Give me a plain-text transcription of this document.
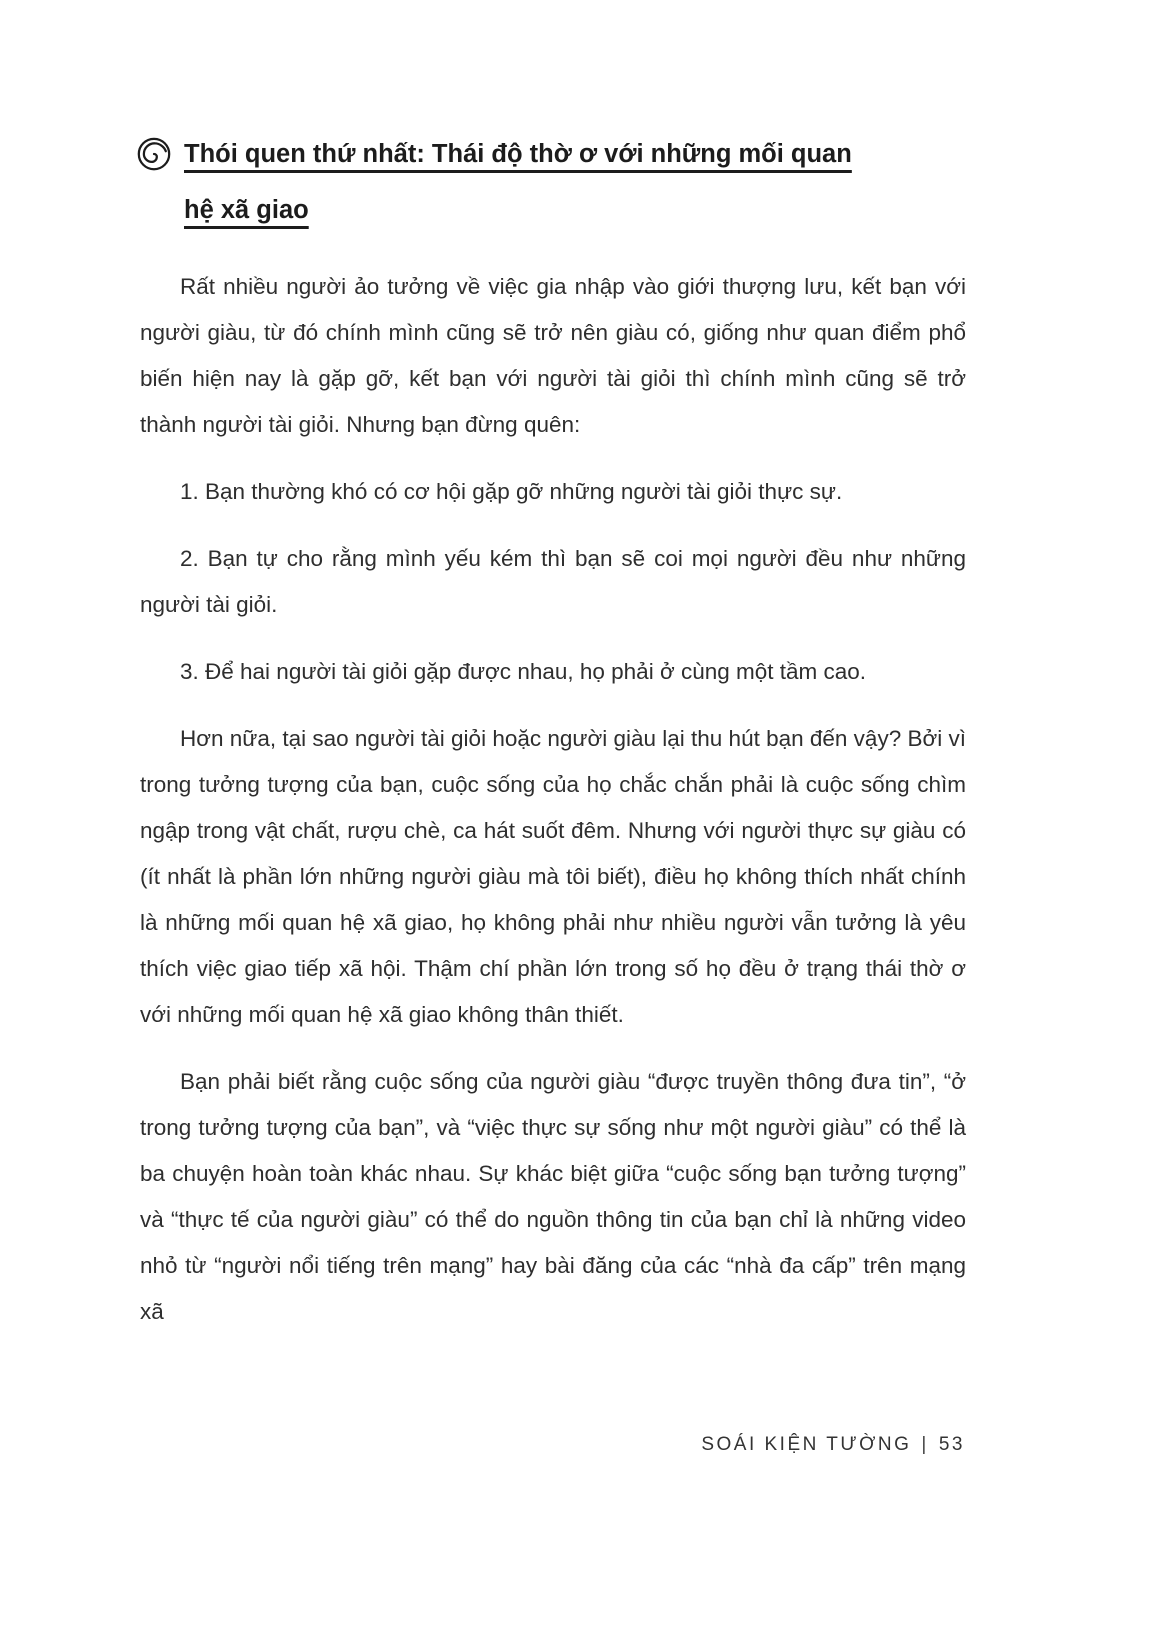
Thói quen thứ nhất: Thái độ thờ ơ với những mối quan
hệ xã giao

Rất nhiều người ảo tưởng về việc gia nhập vào giới thượng lưu, kết bạn với người giàu, từ đó chính mình cũng sẽ trở nên giàu có, giống như quan điểm phổ biến hiện nay là gặp gỡ, kết bạn với người tài giỏi thì chính mình cũng sẽ trở thành người tài giỏi. Nhưng bạn đừng quên:

1. Bạn thường khó có cơ hội gặp gỡ những người tài giỏi thực sự.

2. Bạn tự cho rằng mình yếu kém thì bạn sẽ coi mọi người đều như những người tài giỏi.

3. Để hai người tài giỏi gặp được nhau, họ phải ở cùng một tầm cao.

Hơn nữa, tại sao người tài giỏi hoặc người giàu lại thu hút bạn đến vậy? Bởi vì trong tưởng tượng của bạn, cuộc sống của họ chắc chắn phải là cuộc sống chìm ngập trong vật chất, rượu chè, ca hát suốt đêm. Nhưng với người thực sự giàu có (ít nhất là phần lớn những người giàu mà tôi biết), điều họ không thích nhất chính là những mối quan hệ xã giao, họ không phải như nhiều người vẫn tưởng là yêu thích việc giao tiếp xã hội. Thậm chí phần lớn trong số họ đều ở trạng thái thờ ơ với những mối quan hệ xã giao không thân thiết.

Bạn phải biết rằng cuộc sống của người giàu “được truyền thông đưa tin”, “ở trong tưởng tượng của bạn”, và “việc thực sự sống như một người giàu” có thể là ba chuyện hoàn toàn khác nhau. Sự khác biệt giữa “cuộc sống bạn tưởng tượng” và “thực tế của người giàu” có thể do nguồn thông tin của bạn chỉ là những video nhỏ từ “người nổi tiếng trên mạng” hay bài đăng của các “nhà đa cấp” trên mạng xã

SOÁI KIỆN TƯỜNG | 53
